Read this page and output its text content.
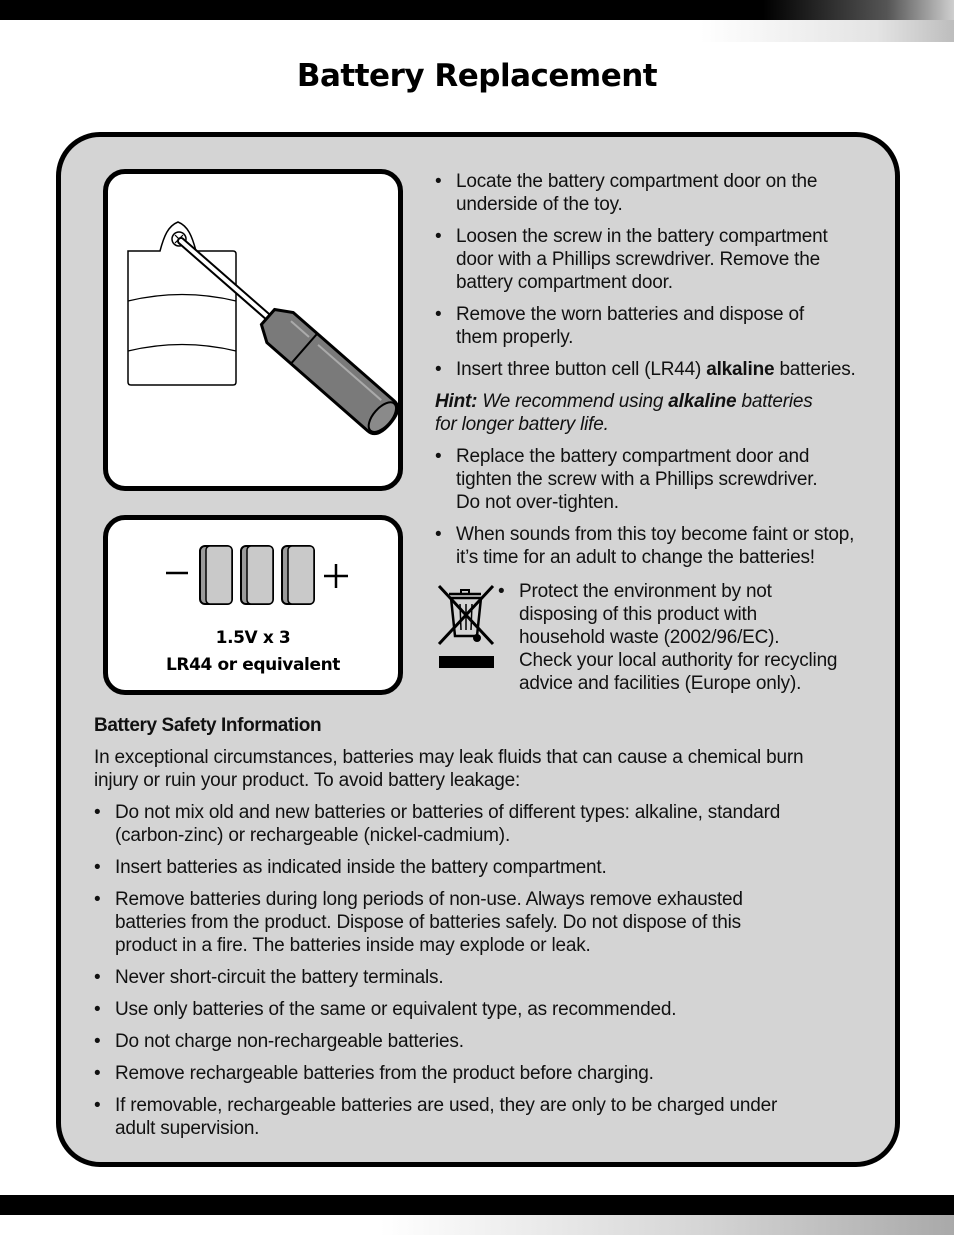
Battery Replacement
1.5V x 3
LR44 or equivalent
• Locate the battery compartment door on the
underside of the toy.
• Loosen the screw in the battery compartment
door with a Phillips screwdriver. Remove the
battery compartment door.
• Remove the worn batteries and dispose of
them properly.
• Insert three button cell (LR44) alkaline batteries.
Hint: We recommend using alkaline batteries
for longer battery life.
• Replace the battery compartment door and
tighten the screw with a Phillips screwdriver.
Do not over-tighten.
• When sounds from this toy become faint or stop,
it’s time for an adult to change the batteries!
• Protect the environment by not
disposing of this product with
household waste (2002/96/EC).
Check your local authority for recycling
advice and facilities (Europe only).
Battery Safety Information
In exceptional circumstances, batteries may leak fluids that can cause a chemical burn
injury or ruin your product. To avoid battery leakage:
• Do not mix old and new batteries or batteries of different types: alkaline, standard
(carbon-zinc) or rechargeable (nickel-cadmium).
• Insert batteries as indicated inside the battery compartment.
• Remove batteries during long periods of non-use. Always remove exhausted
batteries from the product. Dispose of batteries safely. Do not dispose of this
product in a fire. The batteries inside may explode or leak.
• Never short-circuit the battery terminals.
• Use only batteries of the same or equivalent type, as recommended.
• Do not charge non-rechargeable batteries.
• Remove rechargeable batteries from the product before charging.
• If removable, rechargeable batteries are used, they are only to be charged under
adult supervision.
